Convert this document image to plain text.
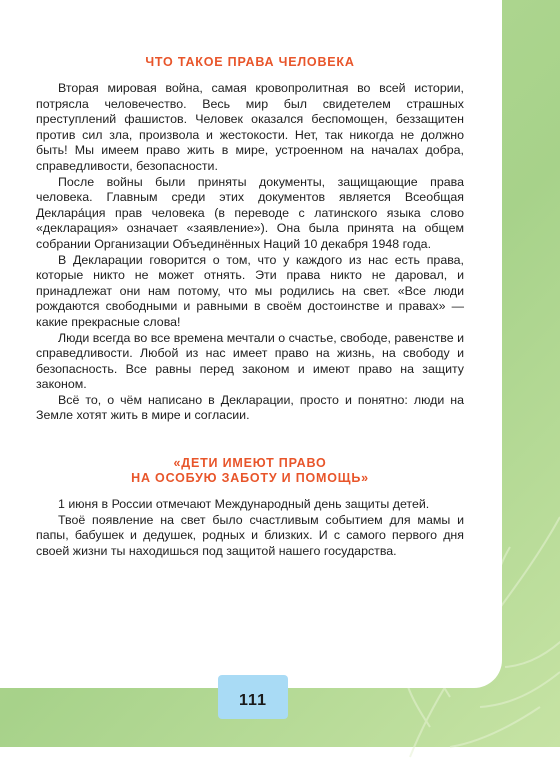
ЧТО ТАКОЕ ПРАВА ЧЕЛОВЕКА

Вторая мировая война, самая кровопролитная во всей истории, потрясла человечество. Весь мир был свидетелем страшных преступлений фашистов. Человек оказался беспомощен, беззащитен против сил зла, произвола и жестокости. Нет, так никогда не должно быть! Мы имеем право жить в мире, устроенном на началах добра, справедливости, безопасности.

После войны были приняты документы, защищающие права человека. Главным среди этих документов является Всеобщая Деклара́ция прав человека (в переводе с латинского языка слово «декларация» означает «заявление»). Она была принята на общем собрании Организации Объединённых Наций 10 декабря 1948 года.

В Декларации говорится о том, что у каждого из нас есть права, которые никто не может отнять. Эти права никто не даровал, и принадлежат они нам потому, что мы родились на свет. «Все люди рождаются свободными и равными в своём достоинстве и правах» — какие прекрасные слова!

Люди всегда во все времена мечтали о счастье, свободе, равенстве и справедливости. Любой из нас имеет право на жизнь, на свободу и безопасность. Все равны перед законом и имеют право на защиту законом.

Всё то, о чём написано в Декларации, просто и понятно: люди на Земле хотят жить в мире и согласии.

«ДЕТИ ИМЕЮТ ПРАВО
НА ОСОБУЮ ЗАБОТУ И ПОМОЩЬ»

1 июня в России отмечают Международный день защиты детей.

Твоё появление на свет было счастливым событием для мамы и папы, бабушек и дедушек, родных и близких. И с самого первого дня своей жизни ты находишься под защитой нашего государства.

111
